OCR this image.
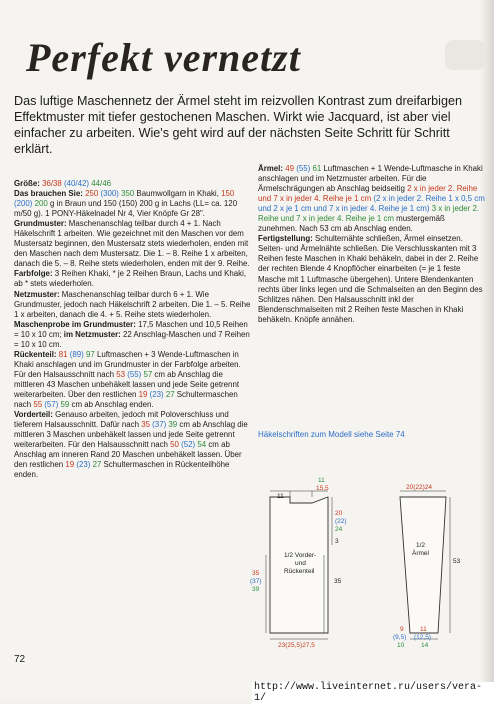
Perfekt vernetzt

Das luftige Maschennetz der Ärmel steht im reizvollen Kontrast zum dreifarbigen Effektmuster mit tiefer gestochenen Maschen. Wirkt wie Jacquard, ist aber viel einfacher zu arbeiten. Wie's geht wird auf der nächsten Seite Schritt für Schritt erklärt.

Größe: 36/38 (40/42) 44/46

Das brauchen Sie: 250 (300) 350 Baumwollgarn in Khaki, 150 (200) 200 g in Braun und 150 (150) 200 g in Lachs (LL= ca. 120 m/50 g). 1 PONY-Häkelnadel Nr 4, Vier Knöpfe Gr 28".

Grundmuster: Maschenanschlag teilbar durch 4 + 1. Nach Häkelschrift 1 arbeiten. Wie gezeichnet mit den Maschen vor dem Mustersatz beginnen, den Mustersatz stets wiederholen, enden mit den Maschen nach dem Mustersatz. Die 1. – 8. Reihe 1 x arbeiten, danach die 5. – 8. Reihe stets wiederholen, enden mit der 9. Reihe.

Farbfolge: 3 Reihen Khaki, * je 2 Reihen Braun, Lachs und Khaki, ab * stets wiederholen.

Netzmuster: Maschenanschlag teilbar durch 6 + 1. Wie Grundmuster, jedoch nach Häkelschrift 2 arbeiten. Die 1. – 5. Reihe 1 x arbeiten, danach die 4. + 5. Reihe stets wiederholen.

Maschenprobe im Grundmuster: 17,5 Maschen und 10,5 Reihen = 10 x 10 cm; im Netzmuster: 22 Anschlag-Maschen und 7 Reihen = 10 x 10 cm.

Rückenteil: 81 (89) 97 Luftmaschen + 3 Wende-Luftmaschen in Khaki anschlagen und im Grundmuster in der Farbfolge arbeiten. Für den Halsausschnitt nach 53 (55) 57 cm ab Anschlag die mittleren 43 Maschen unbehäkelt lassen und jede Seite getrennt weiterarbeiten. Über den restlichen 19 (23) 27 Schultermaschen nach 55 (57) 59 cm ab Anschlag enden.

Vorderteil: Genauso arbeiten, jedoch mit Poloverschluss und tieferem Halsausschnitt. Dafür nach 35 (37) 39 cm ab Anschlag die mittleren 3 Maschen unbehäkelt lassen und jede Seite getrennt weiterarbeiten. Für den Halsausschnitt nach 50 (52) 54 cm ab Anschlag am inneren Rand 20 Maschen unbehäkelt lassen. Über den restlichen 19 (23) 27 Schultermaschen in Rückenteilhöhe enden.

Ärmel: 49 (55) 61 Luftmaschen + 1 Wende-Luftmasche in Khaki anschlagen und im Netzmuster arbeiten. Für die Ärmelschrägungen ab Anschlag beidseitig 2 x in jeder 2. Reihe und 7 x in jeder 4. Reihe je 1 cm (2 x in jeder 2. Reihe 1 x 0,5 cm und 2 x je 1 cm und 7 x in jeder 4. Reihe je 1 cm) 3 x in jeder 2. Reihe und 7 x in jeder 4. Reihe je 1 cm mustergemäß zunehmen. Nach 53 cm ab Anschlag enden.

Fertigstellung: Schulternähte schließen, Ärmel einsetzen. Seiten- und Ärmelnähte schließen. Die Verschlusskanten mit 3 Reihen feste Maschen in Khaki behäkeln, dabei in der 2. Reihe der rechten Blende 4 Knopflöcher einarbeiten (= je 1 feste Masche mit 1 Luftmasche übergehen). Untere Blendenkanten rechts über links legen und die Schmalseiten an den Beginn des Schlitzes nähen. Den Halsausschnitt inkl der Blendenschmalseiten mit 2 Reihen feste Maschen in Khaki behäkeln. Knöpfe annähen.

Häkelschriften zum Modell siehe Seite 74

11
11
15,5
20
(22)
24
3
35
(37)
39
35
1/2 Vorder-
und
Rückenteil
23(25,5)27,5
20(22)24
53
1/2
Ärmel
9
(9,5)
10
11
(12,5)
14

72

http://www.liveinternet.ru/users/vera-1/
